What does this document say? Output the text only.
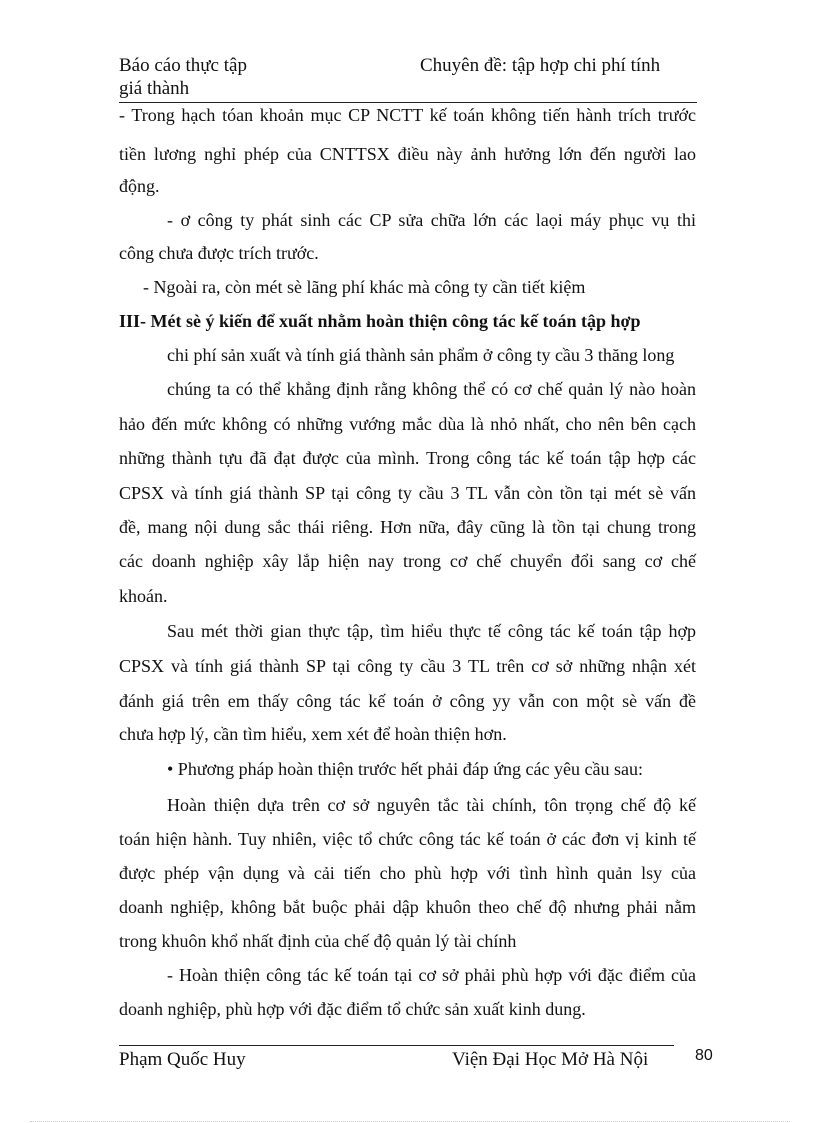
Báo cáo thực tập	Chuyên đề: tập hợp chi phí tính
giá thành
- Trong hạch tóan khoản mục CP NCTT kế toán không tiến hành trích trước
tiền lương nghỉ phép của CNTTSX điều này ảnh hưởng lớn đến người lao
động.
- ơ công ty phát sinh các CP sửa chữa lớn các laọi máy phục vụ thi
công chưa được trích trước.
- Ngoài ra, còn mét sè lãng phí khác mà công ty cần tiết kiệm
III- Mét sè ý kiến để xuất nhằm hoàn thiện công tác kế toán tập hợp
chi phí sản xuất và tính giá thành sản phẩm ở công ty cầu 3 thăng long
chúng ta có thể khẳng định rằng không thể có cơ chế quản lý nào hoàn
hảo đến mức không có những vướng mắc dùa là nhỏ nhất, cho nên bên cạch
những thành tựu đã đạt được của mình. Trong công tác kế toán tập hợp các
CPSX và tính giá thành SP tại công ty cầu 3 TL vẫn còn tồn tại mét sè vấn
đề, mang nội dung sắc thái riêng. Hơn nữa, đây cũng là tồn tại chung trong
các doanh nghiệp xây lắp hiện nay trong cơ chế chuyển đổi sang cơ chế
khoán.
Sau mét thời gian thực tập, tìm hiểu thực tế công tác kế toán tập hợp
CPSX và tính giá thành SP tại công ty cầu 3 TL trên cơ sở những nhận xét
đánh giá trên em thấy công tác kế toán ở công yy vẫn con một sè vấn đề
chưa hợp lý, cần tìm hiểu, xem xét để hoàn thiện hơn.
• Phương pháp hoàn thiện trước hết phải đáp ứng các yêu cầu sau:
Hoàn thiện dựa trên cơ sở nguyên tắc tài chính, tôn trọng chế độ kế
toán hiện hành. Tuy nhiên, việc tổ chức công tác kế toán ở các đơn vị kinh tế
được phép vận dụng và cải tiến cho phù hợp với tình hình quản lsy của
doanh nghiệp, không bắt buộc phải dập khuôn theo chế độ nhưng phải nằm
trong khuôn khổ nhất định của chế độ quản lý tài chính
- Hoàn thiện công tác kế toán tại cơ sở phải phù hợp với đặc điểm của
doanh nghiệp, phù hợp với đặc điểm tổ chức sản xuất kinh dung.
Phạm Quốc Huy	Viện Đại Học Mở Hà Nội	80
